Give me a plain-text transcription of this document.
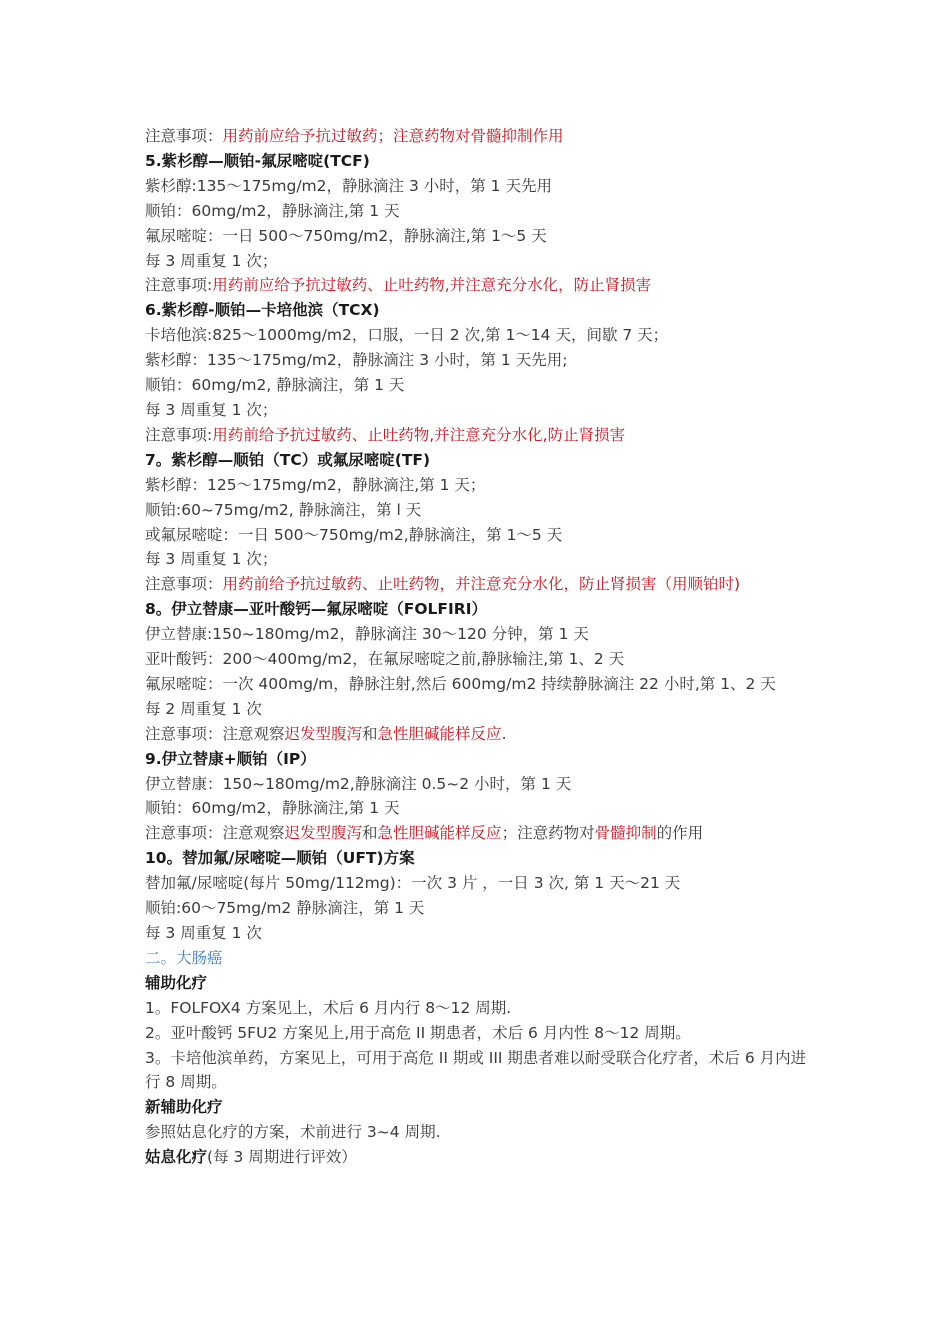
注意事项：用药前应给予抗过敏药；注意药物对骨髓抑制作用
5.紫杉醇—顺铂-氟尿嘧啶(TCF)
紫杉醇:135～175mg/m2，静脉滴注 3 小时，第 1 天先用
顺铂：60mg/m2，静脉滴注,第 1 天
氟尿嘧啶：一日 500～750mg/m2，静脉滴注,第 1～5 天
每 3 周重复 1 次；
注意事项:用药前应给予抗过敏药、止吐药物,并注意充分水化，防止肾损害
6.紫杉醇-顺铂—卡培他滨（TCX)
卡培他滨:825～1000mg/m2，口服，一日 2 次,第 1～14 天，间歇 7 天；
紫杉醇：135～175mg/m2，静脉滴注 3 小时，第 1 天先用;
顺铂：60mg/m2, 静脉滴注，第 1 天
每 3 周重复 1 次；
注意事项:用药前给予抗过敏药、止吐药物,并注意充分水化,防止肾损害
7。紫杉醇—顺铂（TC）或氟尿嘧啶(TF)
紫杉醇：125～175mg/m2，静脉滴注,第 1 天；
顺铂:60~75mg/m2, 静脉滴注，第 l 天
或氟尿嘧啶：一日 500～750mg/m2,静脉滴注，第 1～5 天
每 3 周重复 1 次；
注意事项：用药前给予抗过敏药、止吐药物，并注意充分水化，防止肾损害（用顺铂时)
8。伊立替康—亚叶酸钙—氟尿嘧啶（FOLFIRI）
伊立替康:150~180mg/m2，静脉滴注 30～120 分钟，第 1 天
亚叶酸钙：200～400mg/m2，在氟尿嘧啶之前,静脉输注,第 1、2 天
氟尿嘧啶：一次 400mg/m，静脉注射,然后 600mg/m2 持续静脉滴注 22 小时,第 1、2 天
每 2 周重复 1 次
注意事项：注意观察迟发型腹泻和急性胆碱能样反应.
9.伊立替康+顺铂（IP）
伊立替康：150~180mg/m2,静脉滴注 0.5~2 小时，第 1 天
顺铂：60mg/m2，静脉滴注,第 1 天
注意事项：注意观察迟发型腹泻和急性胆碱能样反应；注意药物对骨髓抑制的作用
10。替加氟/尿嘧啶—顺铂（UFT)方案
替加氟/尿嘧啶(每片 50mg/112mg)：一次 3 片 ，一日 3 次, 第 1 天～21 天
顺铂:60～75mg/m2 静脉滴注，第 1 天
每 3 周重复 1 次
二。大肠癌
辅助化疗
1。FOLFOX4 方案见上，术后 6 月内行 8～12 周期.
2。亚叶酸钙 5FU2 方案见上,用于高危 II 期患者，术后 6 月内性 8～12 周期。
3。卡培他滨单药，方案见上，可用于高危 II 期或 III 期患者难以耐受联合化疗者，术后 6 月内进行 8 周期。
新辅助化疗
参照姑息化疗的方案，术前进行 3~4 周期.
姑息化疗(每 3 周期进行评效）
